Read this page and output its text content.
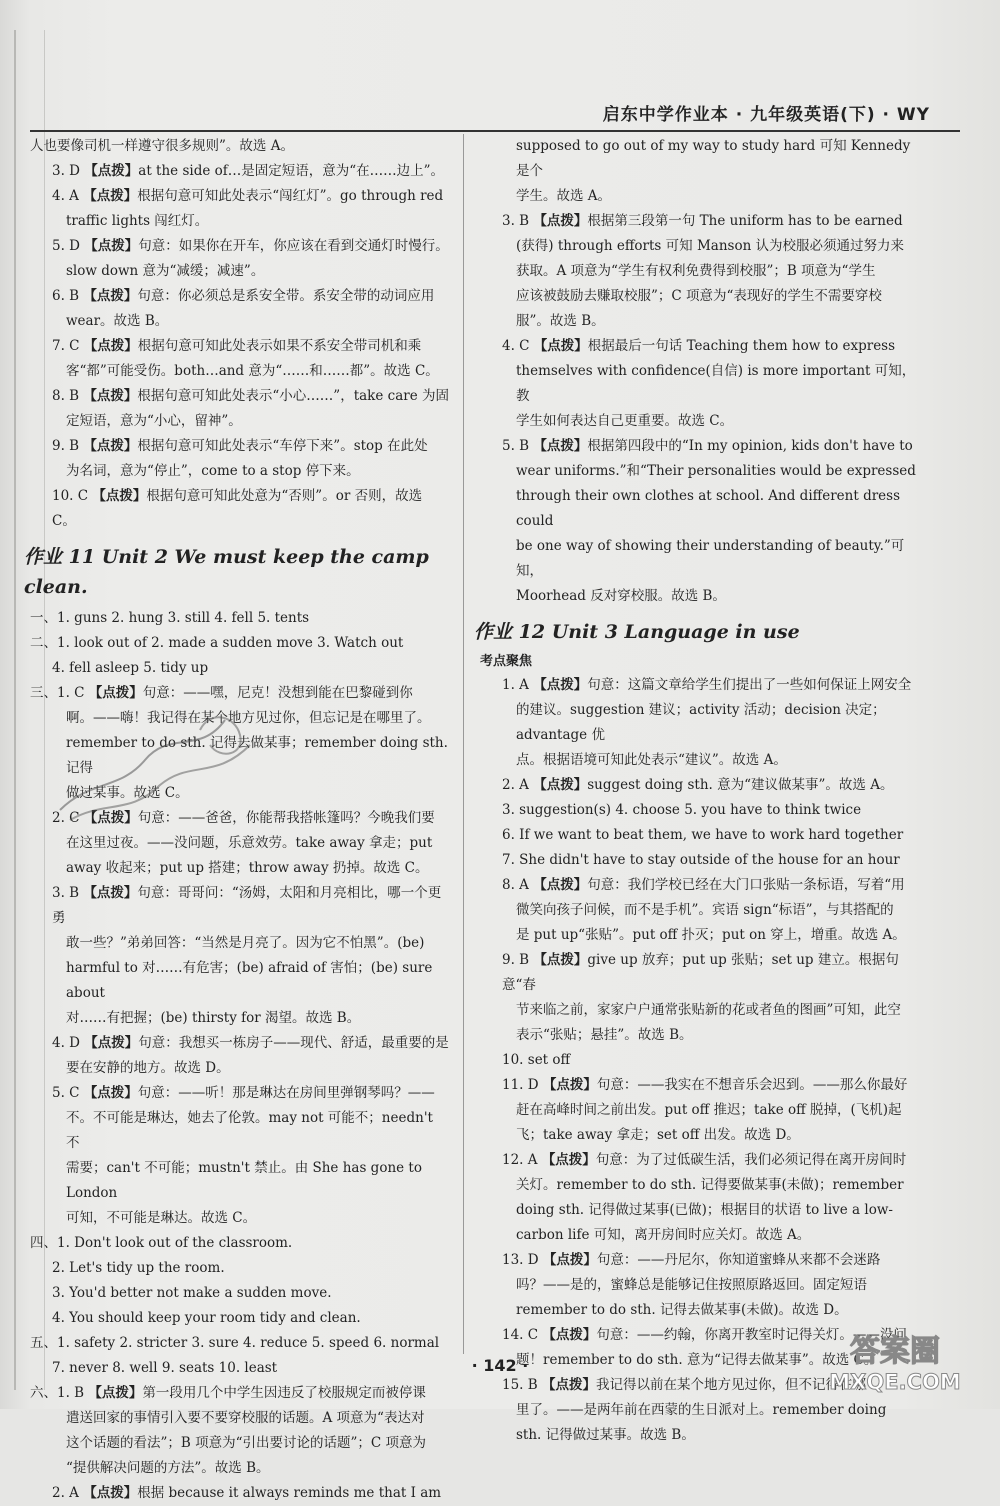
启东中学作业本 · 九年级英语(下) · WY
人也要像司机一样遵守很多规则”。故选 A。
3. D 【点拨】at the side of…是固定短语，意为“在……边上”。
4. A 【点拨】根据句意可知此处表示“闯红灯”。go through red
traffic lights 闯红灯。
5. D 【点拨】句意：如果你在开车，你应该在看到交通灯时慢行。
slow down 意为“减缓；减速”。
6. B 【点拨】句意：你必须总是系安全带。系安全带的动词应用
wear。故选 B。
7. C 【点拨】根据句意可知此处表示如果不系安全带司机和乘
客“都”可能受伤。both…and 意为“……和……都”。故选 C。
8. B 【点拨】根据句意可知此处表示“小心……”，take care 为固
定短语，意为“小心，留神”。
9. B 【点拨】根据句意可知此处表示“车停下来”。stop 在此处
为名词，意为“停止”，come to a stop 停下来。
10. C 【点拨】根据句意可知此处意为“否则”。or 否则，故选 C。
作业 11 Unit 2 We must keep the camp clean.
一、1. guns 2. hung 3. still 4. fell 5. tents
二、1. look out of 2. made a sudden move 3. Watch out
4. fell asleep 5. tidy up
三、1. C 【点拨】句意：——嘿，尼克！没想到能在巴黎碰到你
啊。——嗨！我记得在某个地方见过你，但忘记是在哪里了。
remember to do sth. 记得去做某事；remember doing sth. 记得
做过某事。故选 C。
2. C 【点拨】句意：——爸爸，你能帮我搭帐篷吗？今晚我们要
在这里过夜。——没问题，乐意效劳。take away 拿走；put
away 收起来；put up 搭建；throw away 扔掉。故选 C。
3. B 【点拨】句意：哥哥问：“汤姆，太阳和月亮相比，哪一个更勇
敢一些？”弟弟回答：“当然是月亮了。因为它不怕黑”。(be)
harmful to 对……有危害；(be) afraid of 害怕；(be) sure about
对……有把握；(be) thirsty for 渴望。故选 B。
4. D 【点拨】句意：我想买一栋房子——现代、舒适，最重要的是
要在安静的地方。故选 D。
5. C 【点拨】句意：——听！那是琳达在房间里弹钢琴吗？——
不。不可能是琳达，她去了伦敦。may not 可能不；needn't 不
需要；can't 不可能；mustn't 禁止。由 She has gone to London
可知，不可能是琳达。故选 C。
四、1. Don't look out of the classroom.
2. Let's tidy up the room.
3. You'd better not make a sudden move.
4. You should keep your room tidy and clean.
五、1. safety 2. stricter 3. sure 4. reduce 5. speed 6. normal
7. never 8. well 9. seats 10. least
六、1. B 【点拨】第一段用几个中学生因违反了校服规定而被停课
遣送回家的事情引入要不要穿校服的话题。A 项意为“表达对
这个话题的看法”；B 项意为“引出要讨论的话题”；C 项意为
“提供解决问题的方法”。故选 B。
2. A 【点拨】根据 because it always reminds me that I am
supposed to go out of my way to study hard 可知 Kennedy 是个
学生。故选 A。
3. B 【点拨】根据第三段第一句 The uniform has to be earned
(获得) through efforts 可知 Manson 认为校服必须通过努力来
获取。A 项意为“学生有权利免费得到校服”；B 项意为“学生
应该被鼓励去赚取校服”；C 项意为“表现好的学生不需要穿校
服”。故选 B。
4. C 【点拨】根据最后一句话 Teaching them how to express
themselves with confidence(自信) is more important 可知，教
学生如何表达自己更重要。故选 C。
5. B 【点拨】根据第四段中的“In my opinion, kids don't have to
wear uniforms.”和“Their personalities would be expressed
through their own clothes at school. And different dress could
be one way of showing their understanding of beauty.”可知，
Moorhead 反对穿校服。故选 B。
作业 12 Unit 3 Language in use
考点聚焦
1. A 【点拨】句意：这篇文章给学生们提出了一些如何保证上网安全
的建议。suggestion 建议；activity 活动；decision 决定；advantage 优
点。根据语境可知此处表示“建议”。故选 A。
2. A 【点拨】suggest doing sth. 意为“建议做某事”。故选 A。
3. suggestion(s) 4. choose 5. you have to think twice
6. If we want to beat them, we have to work hard together
7. She didn't have to stay outside of the house for an hour
8. A 【点拨】句意：我们学校已经在大门口张贴一条标语，写着“用
微笑向孩子问候，而不是手机”。宾语 sign“标语”，与其搭配的
是 put up“张贴”。put off 扑灭；put on 穿上，增重。故选 A。
9. B 【点拨】give up 放弃；put up 张贴；set up 建立。根据句意“春
节来临之前，家家户户通常张贴新的花或者鱼的图画”可知，此空
表示“张贴；悬挂”。故选 B。
10. set off
11. D 【点拨】句意：——我实在不想音乐会迟到。——那么你最好
赶在高峰时间之前出发。put off 推迟；take off 脱掉，(飞机)起
飞；take away 拿走；set off 出发。故选 D。
12. A 【点拨】句意：为了过低碳生活，我们必须记得在离开房间时
关灯。remember to do sth. 记得要做某事(未做)；remember
doing sth. 记得做过某事(已做)；根据目的状语 to live a low-
carbon life 可知，离开房间时应关灯。故选 A。
13. D 【点拨】句意：——丹尼尔，你知道蜜蜂从来都不会迷路
吗？——是的，蜜蜂总是能够记住按照原路返回。固定短语
remember to do sth. 记得去做某事(未做)。故选 D。
14. C 【点拨】句意：——约翰，你离开教室时记得关灯。——没问
题！remember to do sth. 意为“记得去做某事”。故选 C。
15. B 【点拨】我记得以前在某个地方见过你，但不记得在哪
里了。——是两年前在西蒙的生日派对上。remember doing
sth. 记得做过某事。故选 B。
· 142 ·	答案圈
MXQE.COM
